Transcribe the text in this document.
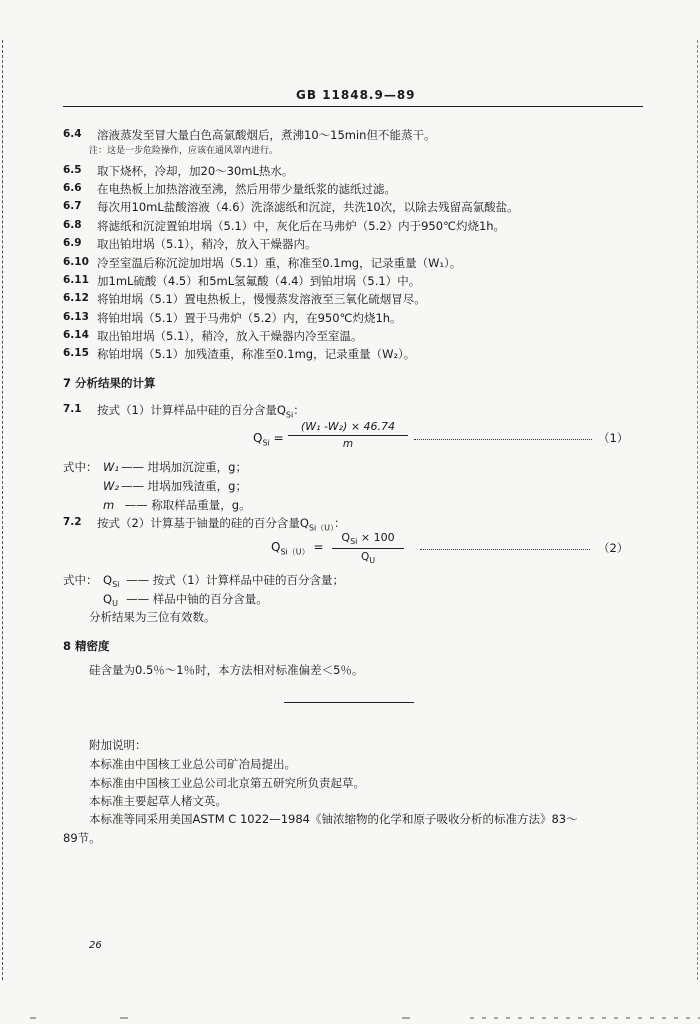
GB 11848.9—89
6.4 溶液蒸发至冒大量白色高氯酸烟后，煮沸10～15min但不能蒸干。
6.5 取下烧杯，冷却，加20～30mL热水。
6.6 在电热板上加热溶液至沸，然后用带少量纸浆的滤纸过滤。
6.7 每次用10mL盐酸溶液（4.6）洗涤滤纸和沉淀，共洗10次，以除去残留高氯酸盐。
6.8 将滤纸和沉淀置铂坩埚（5.1）中，灰化后在马弗炉（5.2）内于950℃灼烧1h。
6.9 取出铂坩埚（5.1），稍冷，放入干燥器内。
6.10 冷至室温后称沉淀加坩埚（5.1）重，称准至0.1mg，记录重量（W₁）。
6.11 加1mL硫酸（4.5）和5mL氢氟酸（4.4）到铂坩埚（5.1）中。
6.12 将铂坩埚（5.1）置电热板上，慢慢蒸发溶液至三氧化硫烟冒尽。
6.13 将铂坩埚（5.1）置于马弗炉（5.2）内，在950℃灼烧1h。
6.14 取出铂坩埚（5.1），稍冷，放入干燥器内冷至室温。
6.15 称铂坩埚（5.1）加残渣重，称准至0.1mg，记录重量（W₂）。
注：这是一步危险操作，应该在通风罩内进行。
7 分析结果的计算
7.1 按式（1）计算样品中硅的百分含量$Q_{Si}$：
$Q_{Si}$ =
(W₁ -W₂) × 46.74
m	（1）
式中： W₁ —— 坩埚加沉淀重，g；
W₂ —— 坩埚加残渣重，g；
m —— 称取样品重量，g。
7.2 按式（2）计算基于铀量的硅的百分含量$Q_{Si(U)}$：
$Q_{Si(U)}$ =
$Q_{Si} \times 100$
$Q_U$
（2）
式中： $Q_{Si}$ —— 按式（1）计算样品中硅的百分含量；
$Q_U$ —— 样品中铀的百分含量。
分析结果为三位有效数。
8 精密度
硅含量为0.5％～1％时，本方法相对标准偏差＜5％。
附加说明：
本标准由中国核工业总公司矿冶局提出。
本标准由中国核工业总公司北京第五研究所负责起草。
本标准主要起草人楮文英。
本标准等同采用美国ASTM C 1022—1984《铀浓缩物的化学和原子吸收分析的标准方法》83～
89节。
26
